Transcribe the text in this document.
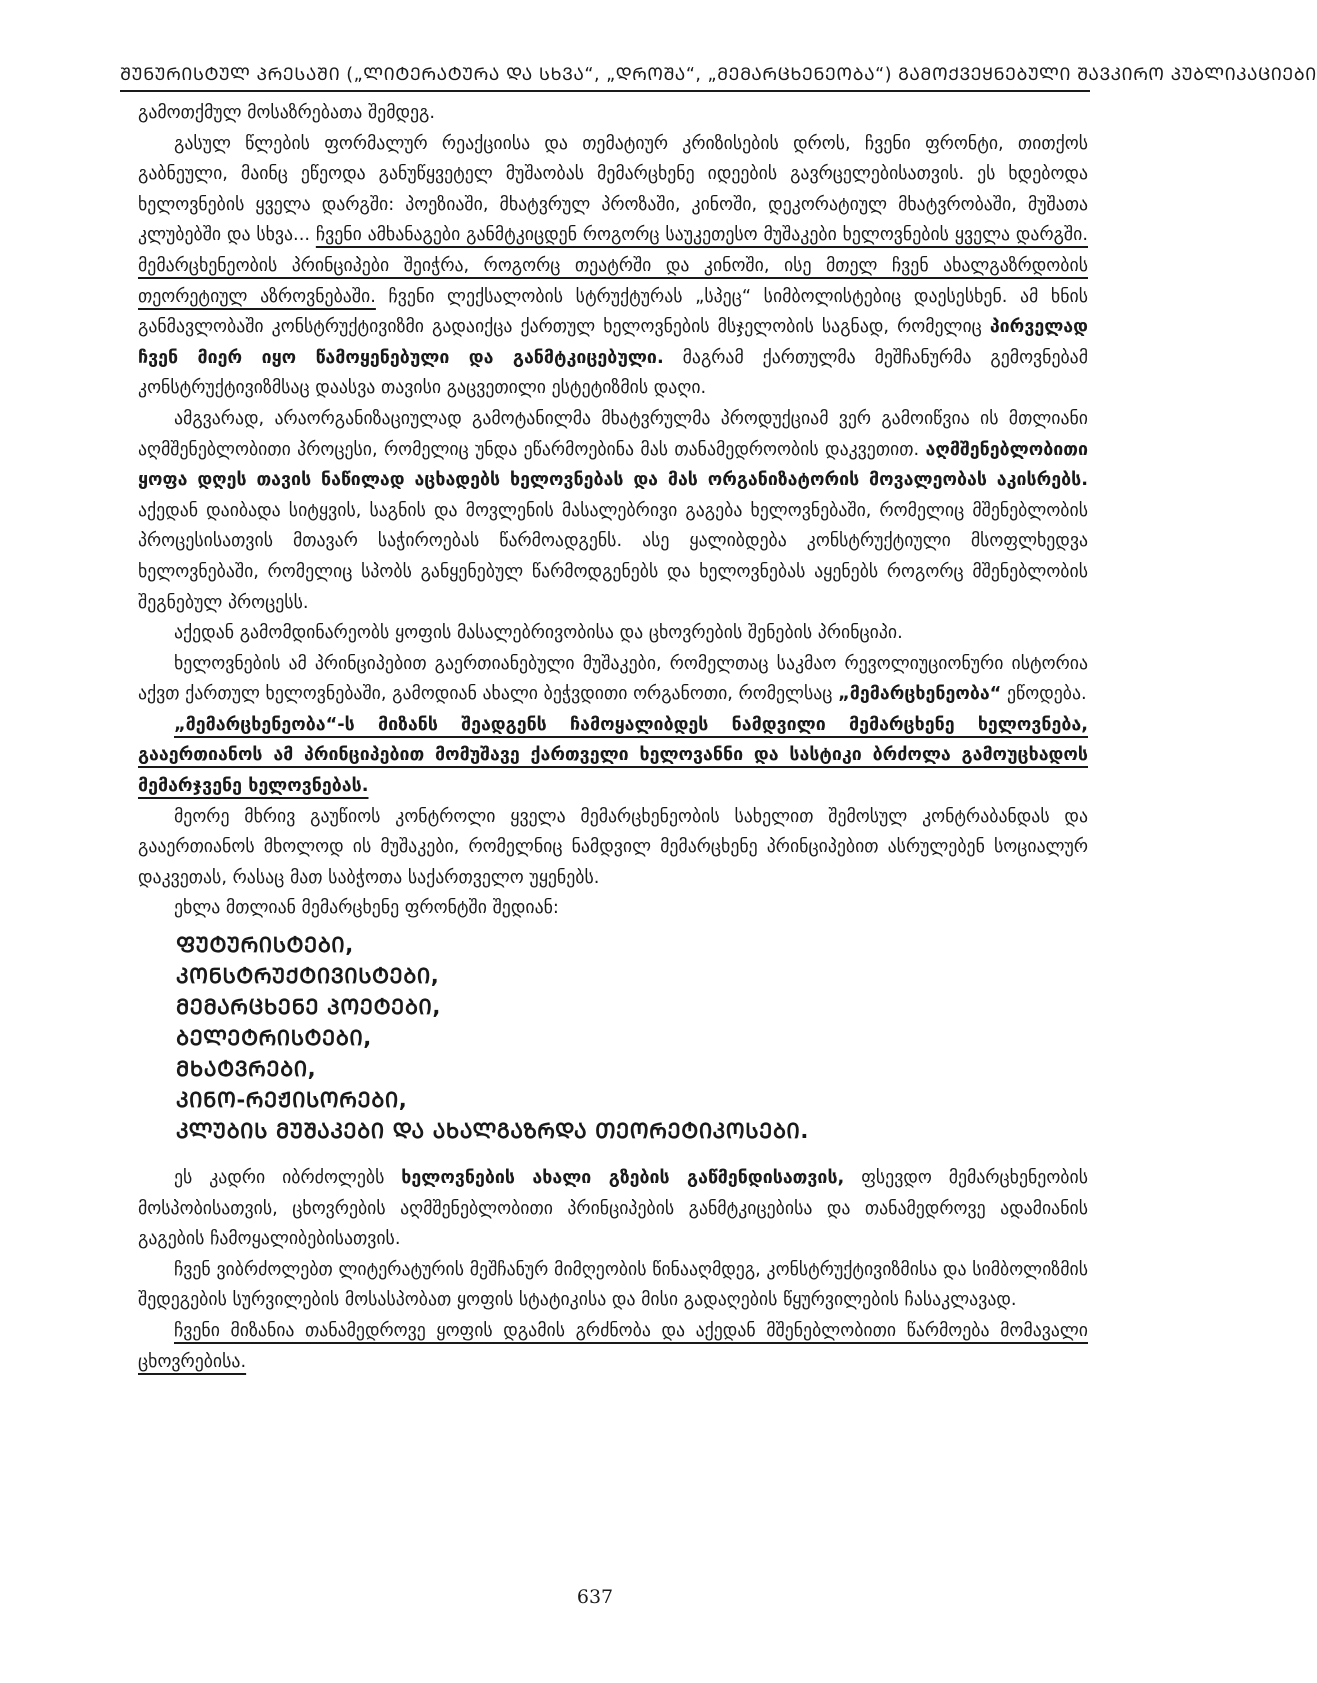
ᲨᲣᲜᲣᲠᲘᲡᲢᲣᲚ ᲞᲠᲔᲡᲐᲨᲘ („ᲚᲘᲢᲔᲠᲐᲢᲣᲠᲐ ᲓᲐ ᲡᲮᲕᲐ“, „ᲓᲠᲝᲨᲐ“, „ᲛᲔᲛᲐᲠᲪᲮᲔᲜᲔᲝᲑᲐ“) ᲒᲐᲛᲝᲥᲕᲔᲧᲜᲔᲑᲣᲚᲘ ᲨᲐᲕᲙᲘᲠᲝ ᲞᲣᲑᲚᲘᲙᲐᲪᲘᲔᲑᲘ

გამოთქმულ მოსაზრებათა შემდეგ.

გასულ წლების ფორმალურ რეაქციისა და თემატიურ კრიზისების დროს, ჩვენი ფრონტი, თითქოს გაბნეული, მაინც ეწეოდა განუწყვეტელ მუშაობას მემარცხენე იდეების გავრცელებისათვის. ეს ხდებოდა ხელოვნების ყველა დარგში: პოეზიაში, მხატვრულ პროზაში, კინოში, დეკორატიულ მხატვრობაში, მუშათა კლუბებში და სხვა... ჩვენი ამხანაგები განმტკიცდენ როგორც საუკეთესო მუშაკები ხელოვნების ყველა დარგში. მემარცხენეობის პრინციპები შეიჭრა, როგორც თეატრში და კინოში, ისე მთელ ჩვენ ახალგაზრდობის თეორეტიულ აზროვნებაში. ჩვენი ლექსალობის სტრუქტურას „სპეც“ სიმბოლისტებიც დაესესხენ. ამ ხნის განმავლობაში კონსტრუქტივიზმი გადაიქცა ქართულ ხელოვნების მსჯელობის საგნად, რომელიც პირველად ჩვენ მიერ იყო წამოყენებული და განმტკიცებული. მაგრამ ქართულმა მეშჩანურმა გემოვნებამ კონსტრუქტივიზმსაც დაასვა თავისი გაცვეთილი ესტეტიზმის დაღი.

ამგვარად, არაორგანიზაციულად გამოტანილმა მხატვრულმა პროდუქციამ ვერ გამოიწვია ის მთლიანი აღმშენებლობითი პროცესი, რომელიც უნდა ეწარმოებინა მას თანამედროობის დაკვეთით. აღმშენებლობითი ყოფა დღეს თავის ნაწილად აცხადებს ხელოვნებას და მას ორგანიზატორის მოვალეობას აკისრებს. აქედან დაიბადა სიტყვის, საგნის და მოვლენის მასალებრივი გაგება ხელოვნებაში, რომელიც მშენებლობის პროცესისათვის მთავარ საჭიროებას წარმოადგენს. ასე ყალიბდება კონსტრუქტიული მსოფლხედვა ხელოვნებაში, რომელიც სპობს განყენებულ წარმოდგენებს და ხელოვნებას აყენებს როგორც მშენებლობის შეგნებულ პროცესს.

აქედან გამომდინარეობს ყოფის მასალებრივობისა და ცხოვრების შენების პრინციპი.

ხელოვნების ამ პრინციპებით გაერთიანებული მუშაკები, რომელთაც საკმაო რევოლიუციონური ისტორია აქვთ ქართულ ხელოვნებაში, გამოდიან ახალი ბეჭვდითი ორგანოთი, რომელსაც „მემარცხენეობა“ ეწოდება.

„მემარცხენეობა“-ს მიზანს შეადგენს ჩამოყალიბდეს ნამდვილი მემარცხენე ხელოვნება, გააერთიანოს ამ პრინციპებით მომუშავე ქართველი ხელოვანნი და სასტიკი ბრძოლა გამოუცხადოს მემარჯვენე ხელოვნებას.

მეორე მხრივ გაუწიოს კონტროლი ყველა მემარცხენეობის სახელით შემოსულ კონტრაბანდას და გააერთიანოს მხოლოდ ის მუშაკები, რომელნიც ნამდვილ მემარცხენე პრინციპებით ასრულებენ სოციალურ დაკვეთას, რასაც მათ საბჭოთა საქართველო უყენებს.

ეხლა მთლიან მემარცხენე ფრონტში შედიან:

ᲤᲣᲢᲣᲠᲘᲡᲢᲔᲑᲘ,
ᲙᲝᲜᲡᲢᲠᲣᲥᲢᲘᲕᲘᲡᲢᲔᲑᲘ,
ᲛᲔᲛᲐᲠᲪᲮᲔᲜᲔ ᲞᲝᲔᲢᲔᲑᲘ,
ᲑᲔᲚᲔᲢᲠᲘᲡᲢᲔᲑᲘ,
ᲛᲮᲐᲢᲕᲠᲔᲑᲘ,
ᲙᲘᲜᲝ-ᲠᲔᲟᲘᲡᲝᲠᲔᲑᲘ,
ᲙᲚᲣᲑᲘᲡ ᲛᲣᲨᲐᲙᲔᲑᲘ ᲓᲐ ᲐᲮᲐᲚᲒᲐᲖᲠᲓᲐ ᲗᲔᲝᲠᲔᲢᲘᲙᲝᲡᲔᲑᲘ.

ეს კადრი იბრძოლებს ხელოვნების ახალი გზების გაწმენდისათვის, ფსევდო მემარცხენეობის მოსპობისათვის, ცხოვრების აღმშენებლობითი პრინციპების განმტკიცებისა და თანამედროვე ადამიანის გაგების ჩამოყალიბებისათვის.

ჩვენ ვიბრძოლებთ ლიტერატურის მეშჩანურ მიმღეობის წინააღმდეგ, კონსტრუქტივიზმისა და სიმბოლიზმის შედეგების სურვილების მოსასპობათ ყოფის სტატიკისა და მისი გადაღების წყურვილების ჩასაკლავად.

ჩვენი მიზანია თანამედროვე ყოფის დგამის გრძნობა და აქედან მშენებლობითი წარმოება მომავალი ცხოვრებისა.

637
